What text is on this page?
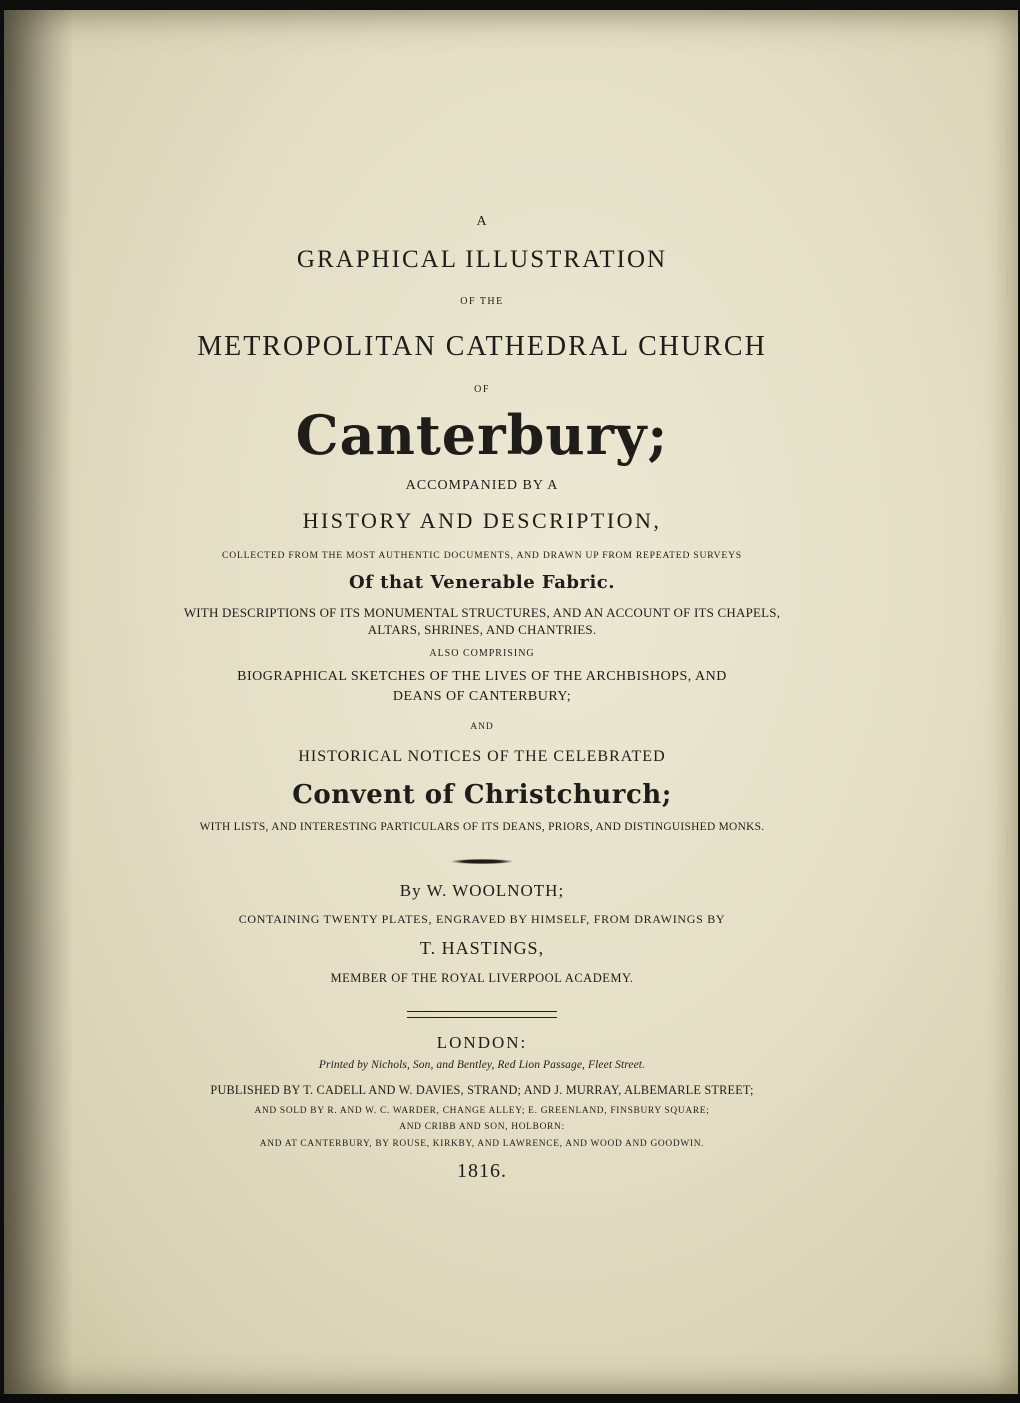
A
GRAPHICAL ILLUSTRATION
OF THE
METROPOLITAN CATHEDRAL CHURCH
OF
Canterbury;
ACCOMPANIED BY A
HISTORY AND DESCRIPTION,
COLLECTED FROM THE MOST AUTHENTIC DOCUMENTS, AND DRAWN UP FROM REPEATED SURVEYS
Of that Venerable Fabric.
WITH DESCRIPTIONS OF ITS MONUMENTAL STRUCTURES, AND AN ACCOUNT OF ITS CHAPELS,
ALTARS, SHRINES, AND CHANTRIES.
ALSO COMPRISING
BIOGRAPHICAL SKETCHES OF THE LIVES OF THE ARCHBISHOPS, AND
DEANS OF CANTERBURY;
AND
HISTORICAL NOTICES OF THE CELEBRATED
Convent of Christchurch;
WITH LISTS, AND INTERESTING PARTICULARS OF ITS DEANS, PRIORS, AND DISTINGUISHED MONKS.
By W. WOOLNOTH;
CONTAINING TWENTY PLATES, ENGRAVED BY HIMSELF, FROM DRAWINGS BY
T. HASTINGS,
MEMBER OF THE ROYAL LIVERPOOL ACADEMY.
LONDON:
Printed by Nichols, Son, and Bentley, Red Lion Passage, Fleet Street.
PUBLISHED BY T. CADELL AND W. DAVIES, STRAND; AND J. MURRAY, ALBEMARLE STREET;
AND SOLD BY R. AND W. C. WARDER, CHANGE ALLEY; E. GREENLAND, FINSBURY SQUARE;
AND CRIBB AND SON, HOLBORN:
AND AT CANTERBURY, BY ROUSE, KIRKBY, AND LAWRENCE, AND WOOD AND GOODWIN.
1816.
